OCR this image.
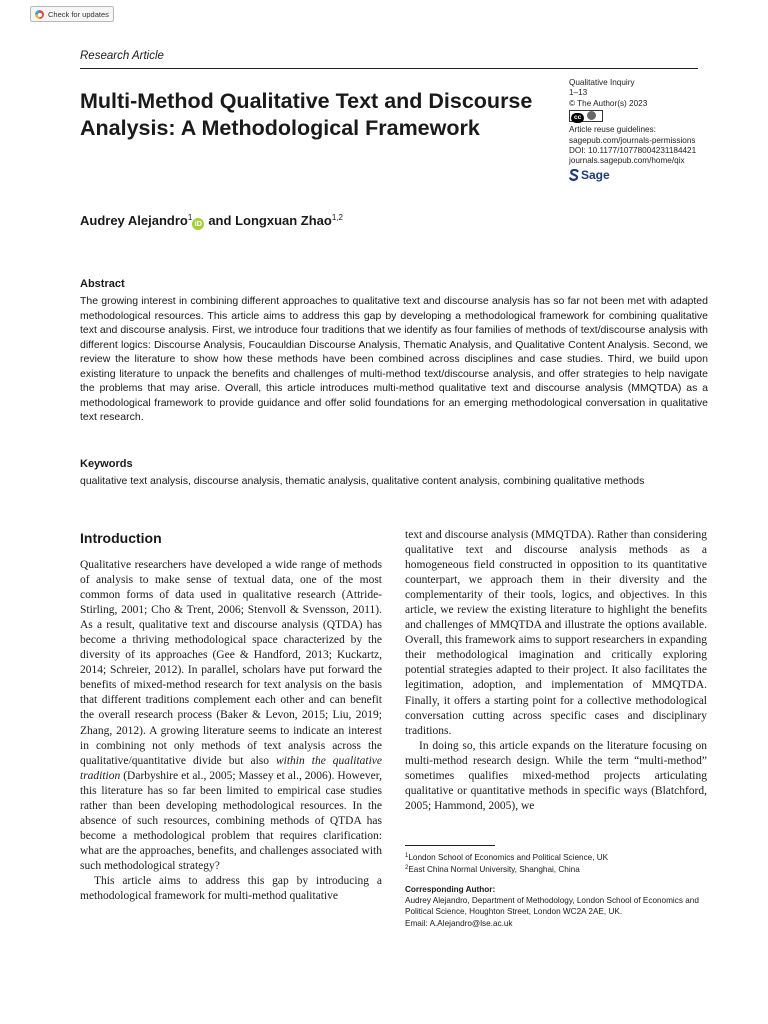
Check for updates
Research Article
Multi-Method Qualitative Text and Discourse Analysis: A Methodological Framework
Qualitative Inquiry
1–13
© The Author(s) 2023
cc
Article reuse guidelines:
sagepub.com/journals-permissions
DOI: 10.1177/10778004231184421
journals.sagepub.com/home/qix
Sage
Audrey Alejandro$^1$iD and Longxuan Zhao$^{1,2}$
Abstract
The growing interest in combining different approaches to qualitative text and discourse analysis has so far not been met with adapted methodological resources. This article aims to address this gap by developing a methodological framework for combining qualitative text and discourse analysis. First, we introduce four traditions that we identify as four families of methods of text/discourse analysis with different logics: Discourse Analysis, Foucauldian Discourse Analysis, Thematic Analysis, and Qualitative Content Analysis. Second, we review the literature to show how these methods have been combined across disciplines and case studies. Third, we build upon existing literature to unpack the benefits and challenges of multi-method text/discourse analysis, and offer strategies to help navigate the problems that may arise. Overall, this article introduces multi-method qualitative text and discourse analysis (MMQTDA) as a methodological framework to provide guidance and offer solid foundations for an emerging methodological conversation in qualitative text research.
Keywords
qualitative text analysis, discourse analysis, thematic analysis, qualitative content analysis, combining qualitative methods
Introduction

Qualitative researchers have developed a wide range of methods of analysis to make sense of textual data, one of the most common forms of data used in qualitative research (Attride-Stirling, 2001; Cho & Trent, 2006; Stenvoll & Svensson, 2011). As a result, qualitative text and discourse analysis (QTDA) has become a thriving methodological space characterized by the diversity of its approaches (Gee & Handford, 2013; Kuckartz, 2014; Schreier, 2012). In parallel, scholars have put forward the benefits of mixed-method research for text analysis on the basis that different traditions complement each other and can benefit the overall research process (Baker & Levon, 2015; Liu, 2019; Zhang, 2012). A growing literature seems to indicate an interest in combining not only methods of text analysis across the qualitative/quantitative divide but also within the qualitative tradition (Darbyshire et al., 2005; Massey et al., 2006). However, this literature has so far been limited to empirical case studies rather than been developing methodological resources. In the absence of such resources, combining methods of QTDA has become a methodological problem that requires clarification: what are the approaches, benefits, and challenges associated with such methodological strategy?

This article aims to address this gap by introducing a methodological framework for multi-method qualitative

text and discourse analysis (MMQTDA). Rather than considering qualitative text and discourse analysis methods as a homogeneous field constructed in opposition to its quantitative counterpart, we approach them in their diversity and the complementarity of their tools, logics, and objectives. In this article, we review the existing literature to highlight the benefits and challenges of MMQTDA and illustrate the options available. Overall, this framework aims to support researchers in expanding their methodological imagination and critically exploring potential strategies adapted to their project. It also facilitates the legitimation, adoption, and implementation of MMQTDA. Finally, it offers a starting point for a collective methodological conversation cutting across specific cases and disciplinary traditions.

In doing so, this article expands on the literature focusing on multi-method research design. While the term “multi-method” sometimes qualifies mixed-method projects articulating qualitative or quantitative methods in specific ways (Blatchford, 2005; Hammond, 2005), we

$^1$London School of Economics and Political Science, UK
$^2$East China Normal University, Shanghai, China
Corresponding Author:
Audrey Alejandro, Department of Methodology, London School of Economics and Political Science, Houghton Street, London WC2A 2AE, UK.
Email: A.Alejandro@lse.ac.uk
